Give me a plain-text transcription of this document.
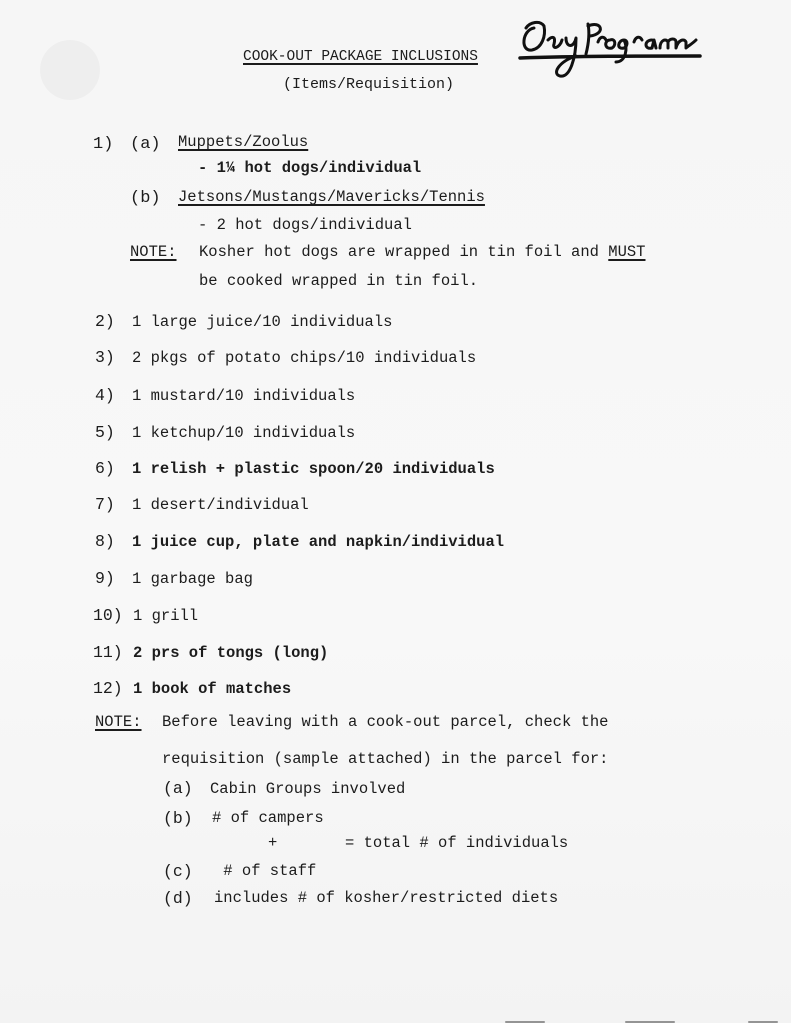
COOK-OUT PACKAGE INCLUSIONS
(Items/Requisition)
1) (a) Muppets/Zoolus
- 1¼ hot dogs/individual
(b) Jetsons/Mustangs/Mavericks/Tennis
- 2 hot dogs/individual
NOTE: Kosher hot dogs are wrapped in tin foil and MUST
be cooked wrapped in tin foil.
2) 1 large juice/10 individuals
3) 2 pkgs of potato chips/10 individuals
4) 1 mustard/10 individuals
5) 1 ketchup/10 individuals
6) 1 relish + plastic spoon/20 individuals
7) 1 desert/individual
8) 1 juice cup, plate and napkin/individual
9) 1 garbage bag
10) 1 grill
11) 2 prs of tongs (long)
12) 1 book of matches
NOTE: Before leaving with a cook-out parcel, check the
requisition (sample attached) in the parcel for:
(a) Cabin Groups involved
(b) # of campers
+	= total # of individuals
(c) # of staff
(d) includes # of kosher/restricted diets
